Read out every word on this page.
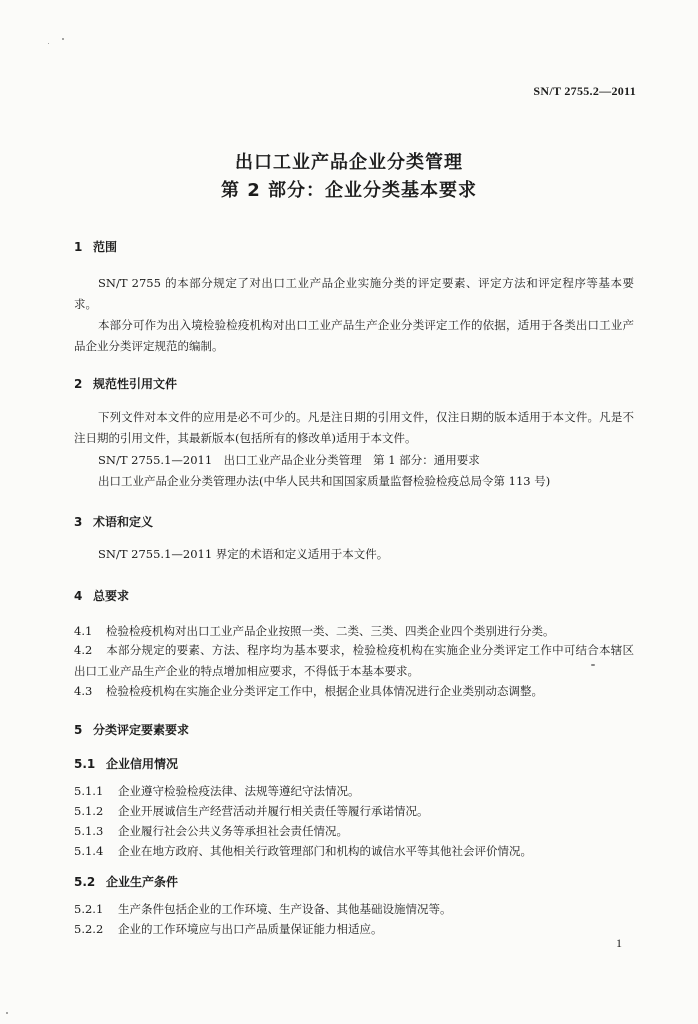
SN/T 2755.2—2011
出口工业产品企业分类管理
第 2 部分：企业分类基本要求
1 范围
SN/T 2755 的本部分规定了对出口工业产品企业实施分类的评定要素、评定方法和评定程序等基本要求。
本部分可作为出入境检验检疫机构对出口工业产品生产企业分类评定工作的依据，适用于各类出口工业产品企业分类评定规范的编制。
2 规范性引用文件
下列文件对本文件的应用是必不可少的。凡是注日期的引用文件，仅注日期的版本适用于本文件。凡是不注日期的引用文件，其最新版本(包括所有的修改单)适用于本文件。
SN/T 2755.1—2011　出口工业产品企业分类管理　第 1 部分：通用要求
出口工业产品企业分类管理办法(中华人民共和国国家质量监督检验检疫总局令第 113 号)
3 术语和定义
SN/T 2755.1—2011 界定的术语和定义适用于本文件。
4 总要求
4.1 检验检疫机构对出口工业产品企业按照一类、二类、三类、四类企业四个类别进行分类。
4.2 本部分规定的要素、方法、程序均为基本要求，检验检疫机构在实施企业分类评定工作中可结合本辖区出口工业产品生产企业的特点增加相应要求，不得低于本基本要求。
4.3 检验检疫机构在实施企业分类评定工作中，根据企业具体情况进行企业类别动态调整。
5 分类评定要素要求
5.1 企业信用情况
5.1.1 企业遵守检验检疫法律、法规等遵纪守法情况。
5.1.2 企业开展诚信生产经营活动并履行相关责任等履行承诺情况。
5.1.3 企业履行社会公共义务等承担社会责任情况。
5.1.4 企业在地方政府、其他相关行政管理部门和机构的诚信水平等其他社会评价情况。
5.2 企业生产条件
5.2.1 生产条件包括企业的工作环境、生产设备、其他基础设施情况等。
5.2.2 企业的工作环境应与出口产品质量保证能力相适应。
1
